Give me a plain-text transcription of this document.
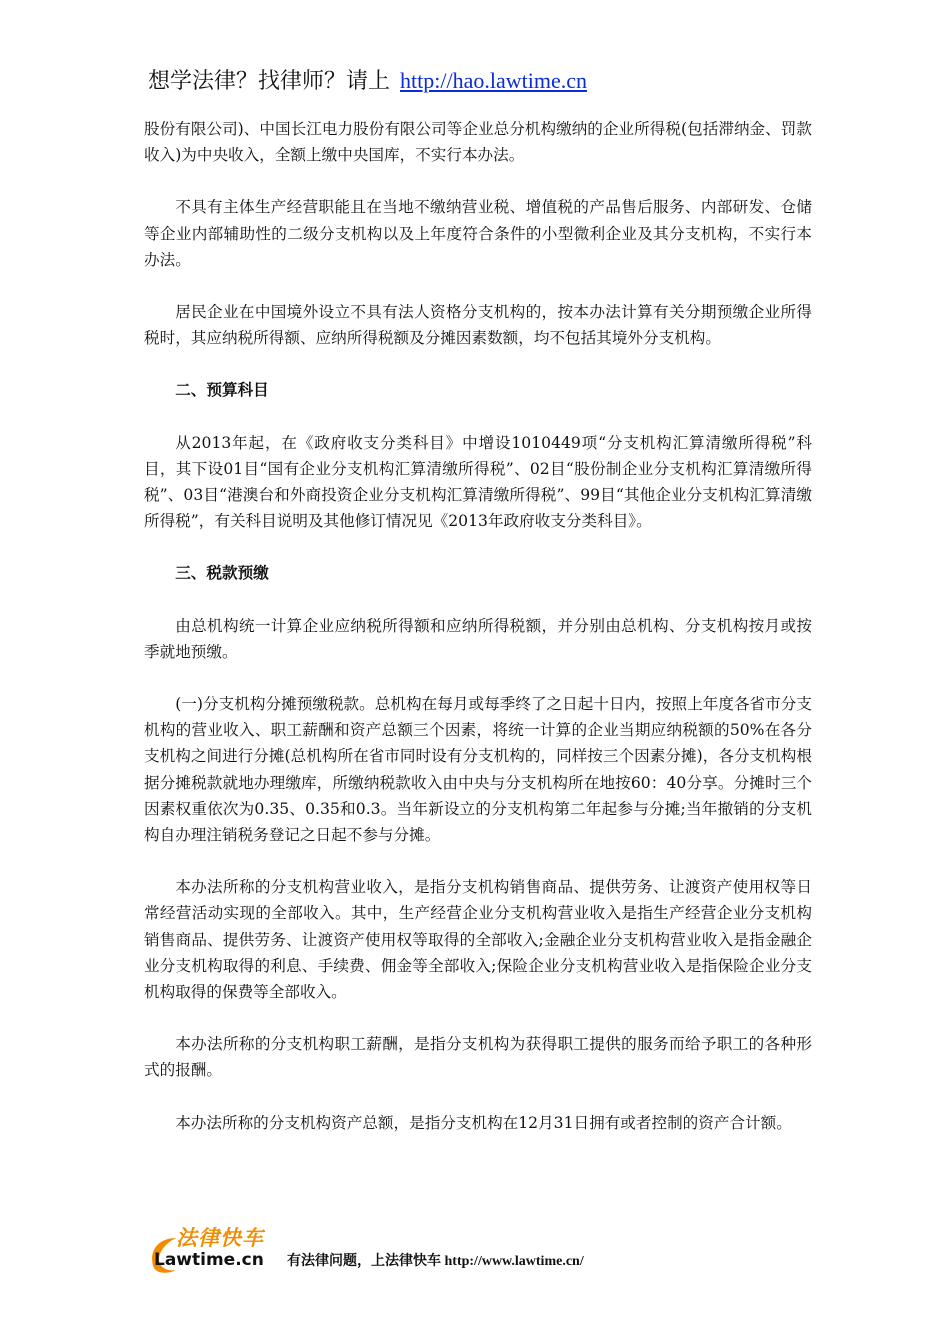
想学法律？找律师？请上 http://hao.lawtime.cn

股份有限公司)、中国长江电力股份有限公司等企业总分机构缴纳的企业所得税(包括滞纳金、罚款收入)为中央收入，全额上缴中央国库，不实行本办法。

不具有主体生产经营职能且在当地不缴纳营业税、增值税的产品售后服务、内部研发、仓储等企业内部辅助性的二级分支机构以及上年度符合条件的小型微利企业及其分支机构，不实行本办法。

居民企业在中国境外设立不具有法人资格分支机构的，按本办法计算有关分期预缴企业所得税时，其应纳税所得额、应纳所得税额及分摊因素数额，均不包括其境外分支机构。

二、预算科目

从2013年起，在《政府收支分类科目》中增设1010449项“分支机构汇算清缴所得税”科目，其下设01目“国有企业分支机构汇算清缴所得税”、02目“股份制企业分支机构汇算清缴所得税”、03目“港澳台和外商投资企业分支机构汇算清缴所得税”、99目“其他企业分支机构汇算清缴所得税”，有关科目说明及其他修订情况见《2013年政府收支分类科目》。

三、税款预缴

由总机构统一计算企业应纳税所得额和应纳所得税额，并分别由总机构、分支机构按月或按季就地预缴。

(一)分支机构分摊预缴税款。总机构在每月或每季终了之日起十日内，按照上年度各省市分支机构的营业收入、职工薪酬和资产总额三个因素，将统一计算的企业当期应纳税额的50%在各分支机构之间进行分摊(总机构所在省市同时设有分支机构的，同样按三个因素分摊)，各分支机构根据分摊税款就地办理缴库，所缴纳税款收入由中央与分支机构所在地按60：40分享。分摊时三个因素权重依次为0.35、0.35和0.3。当年新设立的分支机构第二年起参与分摊;当年撤销的分支机构自办理注销税务登记之日起不参与分摊。

本办法所称的分支机构营业收入，是指分支机构销售商品、提供劳务、让渡资产使用权等日常经营活动实现的全部收入。其中，生产经营企业分支机构营业收入是指生产经营企业分支机构销售商品、提供劳务、让渡资产使用权等取得的全部收入;金融企业分支机构营业收入是指金融企业分支机构取得的利息、手续费、佣金等全部收入;保险企业分支机构营业收入是指保险企业分支机构取得的保费等全部收入。

本办法所称的分支机构职工薪酬，是指分支机构为获得职工提供的服务而给予职工的各种形式的报酬。

本办法所称的分支机构资产总额，是指分支机构在12月31日拥有或者控制的资产合计额。

法律快车
Lawtime.cn 有法律问题，上法律快车 http://www.lawtime.cn/
